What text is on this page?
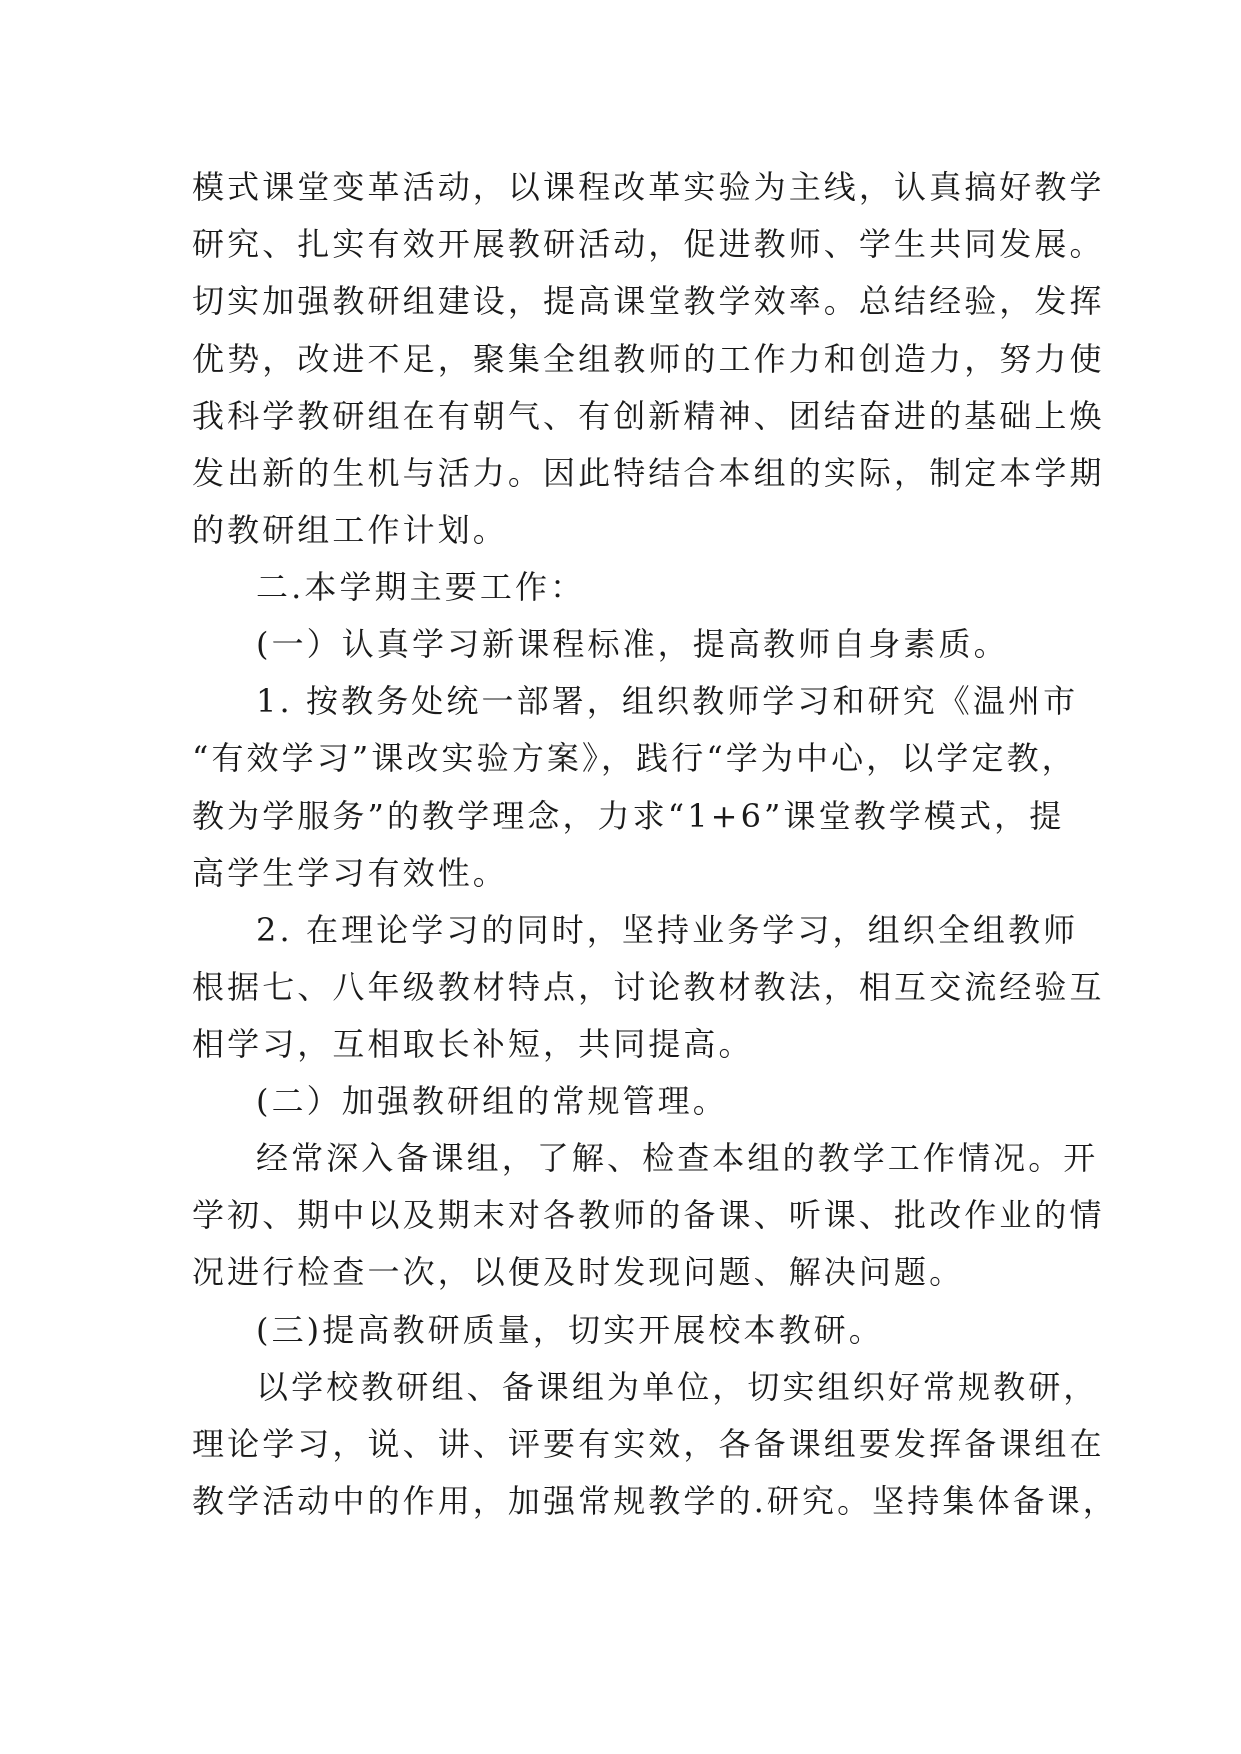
模式课堂变革活动，以课程改革实验为主线，认真搞好教学
研究、扎实有效开展教研活动，促进教师、学生共同发展。
切实加强教研组建设，提高课堂教学效率。总结经验，发挥
优势，改进不足，聚集全组教师的工作力和创造力，努力使
我科学教研组在有朝气、有创新精神、团结奋进的基础上焕
发出新的生机与活力。因此特结合本组的实际，制定本学期
的教研组工作计划。
二.本学期主要工作：
(一）认真学习新课程标准，提高教师自身素质。
1. 按教务处统一部署，组织教师学习和研究《温州市
“有效学习”课改实验方案》，践行“学为中心，以学定教，
教为学服务”的教学理念，力求“1+6”课堂教学模式，提
高学生学习有效性。
2. 在理论学习的同时，坚持业务学习，组织全组教师
根据七、八年级教材特点，讨论教材教法，相互交流经验互
相学习，互相取长补短，共同提高。
(二）加强教研组的常规管理。
经常深入备课组，了解、检查本组的教学工作情况。开
学初、期中以及期末对各教师的备课、听课、批改作业的情
况进行检查一次，以便及时发现问题、解决问题。
(三)提高教研质量，切实开展校本教研。
以学校教研组、备课组为单位，切实组织好常规教研，
理论学习，说、讲、评要有实效，各备课组要发挥备课组在
教学活动中的作用，加强常规教学的.研究。坚持集体备课，
